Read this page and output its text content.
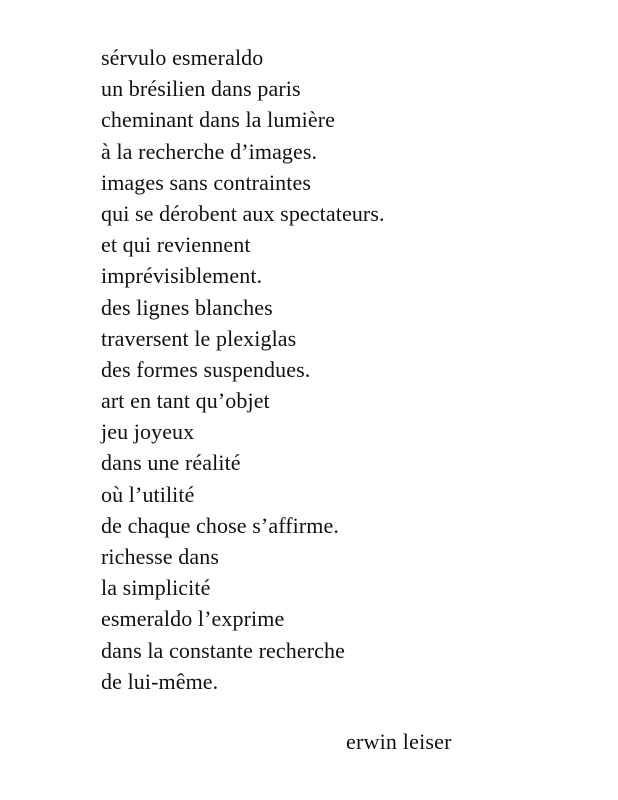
sérvulo esmeraldo
un brésilien dans paris
cheminant dans la lumière
à la recherche d’images.
images sans contraintes
qui se dérobent aux spectateurs.
et qui reviennent
imprévisiblement.
des lignes blanches
traversent le plexiglas
des formes suspendues.
art en tant qu’objet
jeu joyeux
dans une réalité
où l’utilité
de chaque chose s’affirme.
richesse dans
la simplicité
esmeraldo l’exprime
dans la constante recherche
de lui-même.
erwin leiser
